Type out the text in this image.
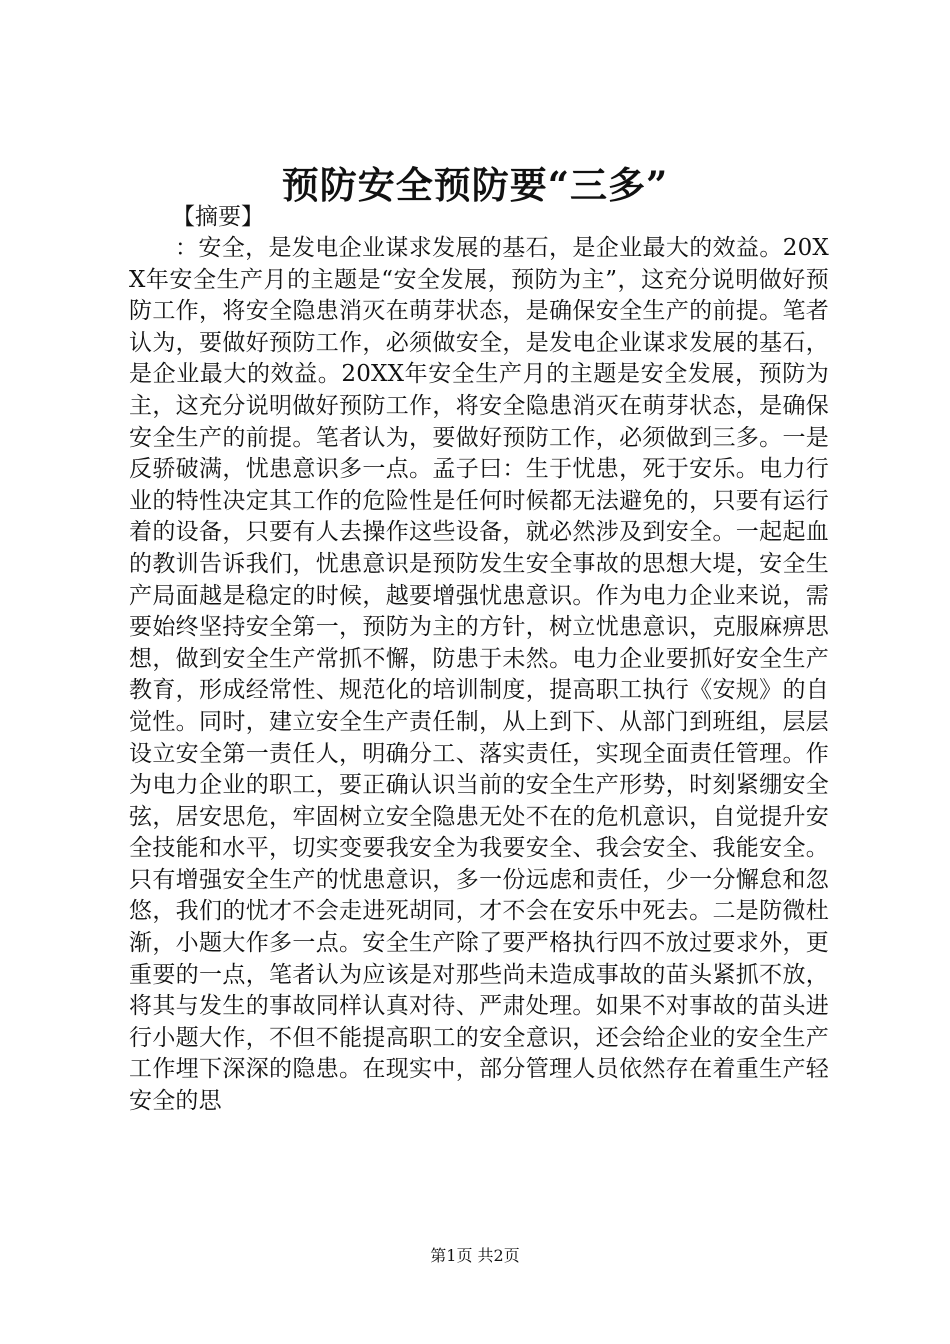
预防安全预防要“三多”
【摘要】
：安全，是发电企业谋求发展的基石，是企业最大的效益。20XX年安全生产月的主题是“安全发展，预防为主”，这充分说明做好预防工作，将安全隐患消灭在萌芽状态，是确保安全生产的前提。笔者认为，要做好预防工作，必须做安全，是发电企业谋求发展的基石，是企业最大的效益。20XX年安全生产月的主题是安全发展，预防为主，这充分说明做好预防工作，将安全隐患消灭在萌芽状态，是确保安全生产的前提。笔者认为，要做好预防工作，必须做到三多。一是反骄破满，忧患意识多一点。孟子曰：生于忧患，死于安乐。电力行业的特性决定其工作的危险性是任何时候都无法避免的，只要有运行着的设备，只要有人去操作这些设备，就必然涉及到安全。一起起血的教训告诉我们，忧患意识是预防发生安全事故的思想大堤，安全生产局面越是稳定的时候，越要增强忧患意识。作为电力企业来说，需要始终坚持安全第一，预防为主的方针，树立忧患意识，克服麻痹思想，做到安全生产常抓不懈，防患于未然。电力企业要抓好安全生产教育，形成经常性、规范化的培训制度，提高职工执行《安规》的自觉性。同时，建立安全生产责任制，从上到下、从部门到班组，层层设立安全第一责任人，明确分工、落实责任，实现全面责任管理。作为电力企业的职工，要正确认识当前的安全生产形势，时刻紧绷安全弦，居安思危，牢固树立安全隐患无处不在的危机意识，自觉提升安全技能和水平，切实变要我安全为我要安全、我会安全、我能安全。只有增强安全生产的忧患意识，多一份远虑和责任，少一分懈怠和忽悠，我们的忧才不会走进死胡同，才不会在安乐中死去。二是防微杜渐，小题大作多一点。安全生产除了要严格执行四不放过要求外，更重要的一点，笔者认为应该是对那些尚未造成事故的苗头紧抓不放，将其与发生的事故同样认真对待、严肃处理。如果不对事故的苗头进行小题大作，不但不能提高职工的安全意识，还会给企业的安全生产工作埋下深深的隐患。在现实中，部分管理人员依然存在着重生产轻安全的思
第1页 共2页
